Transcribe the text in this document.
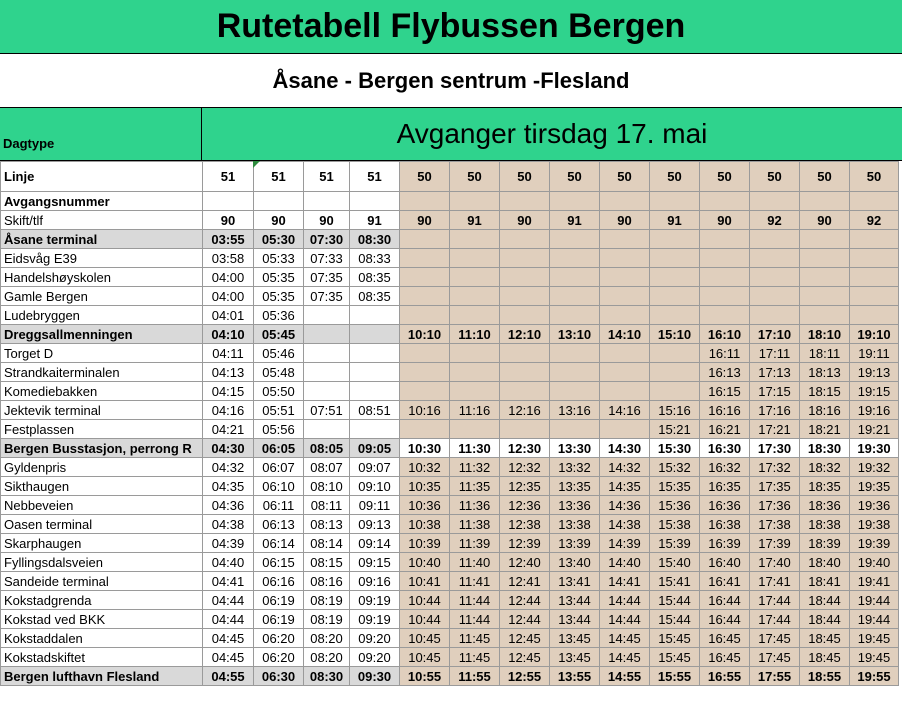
Rutetabell Flybussen Bergen
Åsane - Bergen sentrum -Flesland
Dagtype	Avganger tirsdag 17. mai
Linje	51	51	51	51	50	50	50	50	50	50	50	50	50	50
Avgangsnummer														
Skift/tlf	90	90	90	91	90	91	90	91	90	91	90	92	90	92
Åsane terminal	03:55	05:30	07:30	08:30										
Eidsvåg E39	03:58	05:33	07:33	08:33										
Handelshøyskolen	04:00	05:35	07:35	08:35										
Gamle Bergen	04:00	05:35	07:35	08:35										
Ludebryggen	04:01	05:36												
Dreggsallmenningen	04:10	05:45			10:10	11:10	12:10	13:10	14:10	15:10	16:10	17:10	18:10	19:10
Torget D	04:11	05:46									16:11	17:11	18:11	19:11
Strandkaiterminalen	04:13	05:48									16:13	17:13	18:13	19:13
Komediebakken	04:15	05:50									16:15	17:15	18:15	19:15
Jektevik terminal	04:16	05:51	07:51	08:51	10:16	11:16	12:16	13:16	14:16	15:16	16:16	17:16	18:16	19:16
Festplassen	04:21	05:56								15:21	16:21	17:21	18:21	19:21
Bergen Busstasjon, perrong R	04:30	06:05	08:05	09:05	10:30	11:30	12:30	13:30	14:30	15:30	16:30	17:30	18:30	19:30
Gyldenpris	04:32	06:07	08:07	09:07	10:32	11:32	12:32	13:32	14:32	15:32	16:32	17:32	18:32	19:32
Sikthaugen	04:35	06:10	08:10	09:10	10:35	11:35	12:35	13:35	14:35	15:35	16:35	17:35	18:35	19:35
Nebbeveien	04:36	06:11	08:11	09:11	10:36	11:36	12:36	13:36	14:36	15:36	16:36	17:36	18:36	19:36
Oasen terminal	04:38	06:13	08:13	09:13	10:38	11:38	12:38	13:38	14:38	15:38	16:38	17:38	18:38	19:38
Skarphaugen	04:39	06:14	08:14	09:14	10:39	11:39	12:39	13:39	14:39	15:39	16:39	17:39	18:39	19:39
Fyllingsdalsveien	04:40	06:15	08:15	09:15	10:40	11:40	12:40	13:40	14:40	15:40	16:40	17:40	18:40	19:40
Sandeide terminal	04:41	06:16	08:16	09:16	10:41	11:41	12:41	13:41	14:41	15:41	16:41	17:41	18:41	19:41
Kokstadgrenda	04:44	06:19	08:19	09:19	10:44	11:44	12:44	13:44	14:44	15:44	16:44	17:44	18:44	19:44
Kokstad ved BKK	04:44	06:19	08:19	09:19	10:44	11:44	12:44	13:44	14:44	15:44	16:44	17:44	18:44	19:44
Kokstaddalen	04:45	06:20	08:20	09:20	10:45	11:45	12:45	13:45	14:45	15:45	16:45	17:45	18:45	19:45
Kokstadskiftet	04:45	06:20	08:20	09:20	10:45	11:45	12:45	13:45	14:45	15:45	16:45	17:45	18:45	19:45
Bergen lufthavn Flesland	04:55	06:30	08:30	09:30	10:55	11:55	12:55	13:55	14:55	15:55	16:55	17:55	18:55	19:55
